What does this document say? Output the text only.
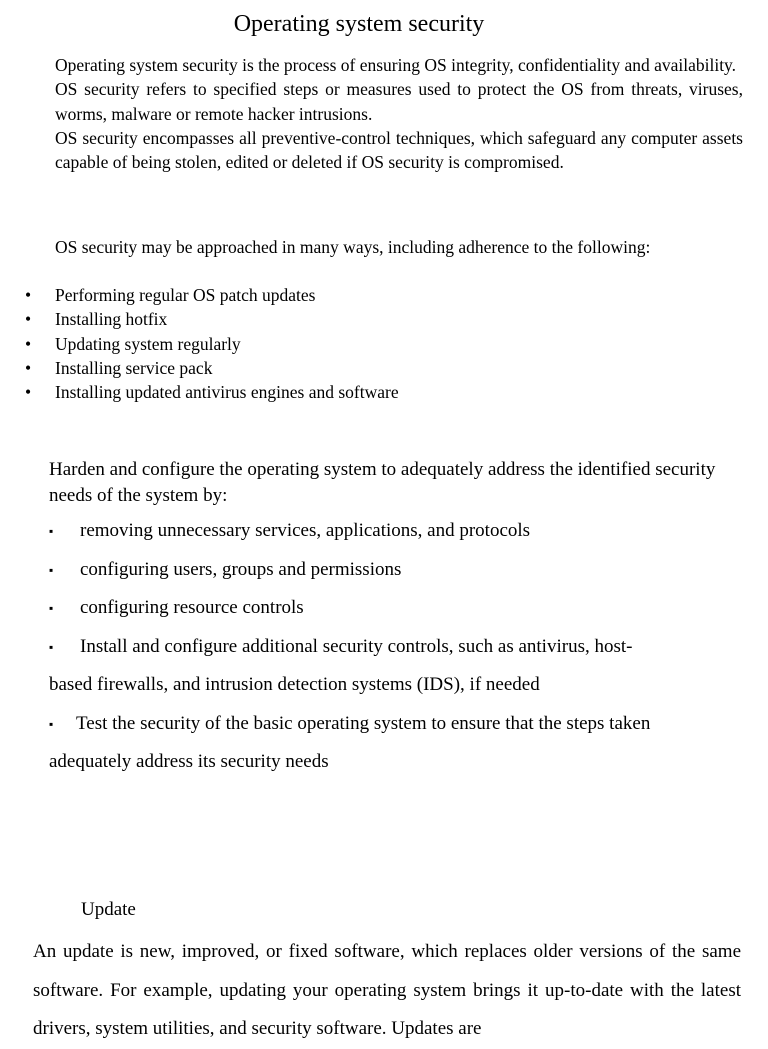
Operating system security

Operating system security is the process of ensuring OS integrity, confidentiality and availability.

OS security refers to specified steps or measures used to protect the OS from threats, viruses, worms, malware or remote hacker intrusions.

OS security encompasses all preventive-control techniques, which safeguard any computer assets capable of being stolen, edited or deleted if OS security is compromised.

OS security may be approached in many ways, including adherence to the following:

• Performing regular OS patch updates
• Installing hotfix
• Updating system regularly
• Installing service pack
• Installing updated antivirus engines and software

Harden and configure the operating system to adequately address the identified security needs of the system by:

▪ removing unnecessary services, applications, and protocols
▪ configuring users, groups and permissions
▪ configuring resource controls
▪ Install and configure additional security controls, such as antivirus, host-
based firewalls, and intrusion detection systems (IDS), if needed
▪ Test the security of the basic operating system to ensure that the steps taken
adequately address its security needs
Update

An update is new, improved, or fixed software, which replaces older versions of the same software. For example, updating your operating system brings it up-to-date with the latest drivers, system utilities, and security software. Updates are
